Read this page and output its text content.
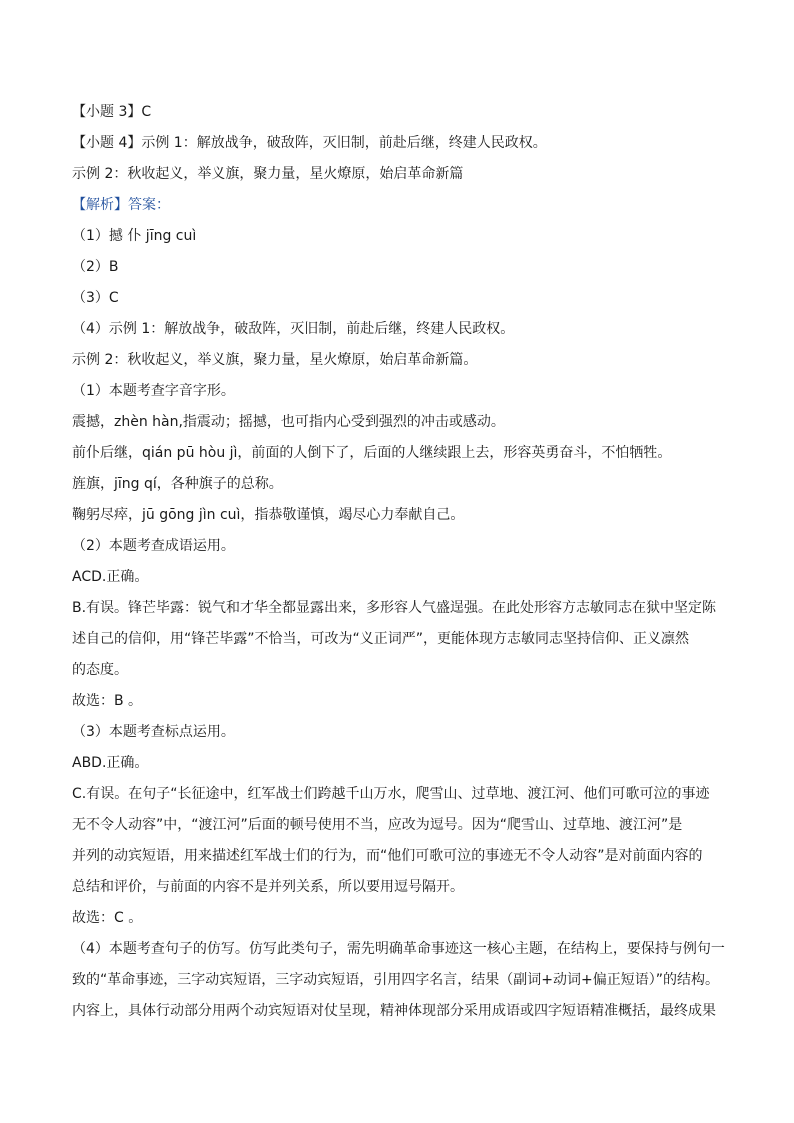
【小题 3】C
【小题 4】示例 1：解放战争，破敌阵，灭旧制，前赴后继，终建人民政权。
示例 2：秋收起义，举义旗，聚力量，星火燎原，始启革命新篇
【解析】答案：
（1）撼 仆 jīng cuì
（2）B
（3）C
（4）示例 1：解放战争，破敌阵，灭旧制，前赴后继，终建人民政权。
示例 2：秋收起义，举义旗，聚力量，星火燎原，始启革命新篇。
（1）本题考查字音字形。
震撼，zhèn hàn,指震动；摇撼，也可指内心受到强烈的冲击或感动。
前仆后继，qián pū hòu jì，前面的人倒下了，后面的人继续跟上去，形容英勇奋斗，不怕牺牲。
旌旗，jīng qí，各种旗子的总称。
鞠躬尽瘁，jū gōng jìn cuì，指恭敬谨慎，竭尽心力奉献自己。
（2）本题考查成语运用。
ACD.正确。
B.有误。锋芒毕露：锐气和才华全都显露出来，多形容人气盛逞强。在此处形容方志敏同志在狱中坚定陈
述自己的信仰，用“锋芒毕露”不恰当，可改为“义正词严”，更能体现方志敏同志坚持信仰、正义凛然
的态度。
故选：B 。
（3）本题考查标点运用。
ABD.正确。
C.有误。在句子“长征途中，红军战士们跨越千山万水，爬雪山、过草地、渡江河、他们可歌可泣的事迹
无不令人动容”中，“渡江河”后面的顿号使用不当，应改为逗号。因为“爬雪山、过草地、渡江河”是
并列的动宾短语，用来描述红军战士们的行为，而“他们可歌可泣的事迹无不令人动容”是对前面内容的
总结和评价，与前面的内容不是并列关系，所以要用逗号隔开。
故选：C 。
（4）本题考查句子的仿写。仿写此类句子，需先明确革命事迹这一核心主题，在结构上，要保持与例句一
致的“革命事迹，三字动宾短语，三字动宾短语，引用四字名言，结果（副词+动词+偏正短语）”的结构。
内容上，具体行动部分用两个动宾短语对仗呈现，精神体现部分采用成语或四字短语精准概括，最终成果
